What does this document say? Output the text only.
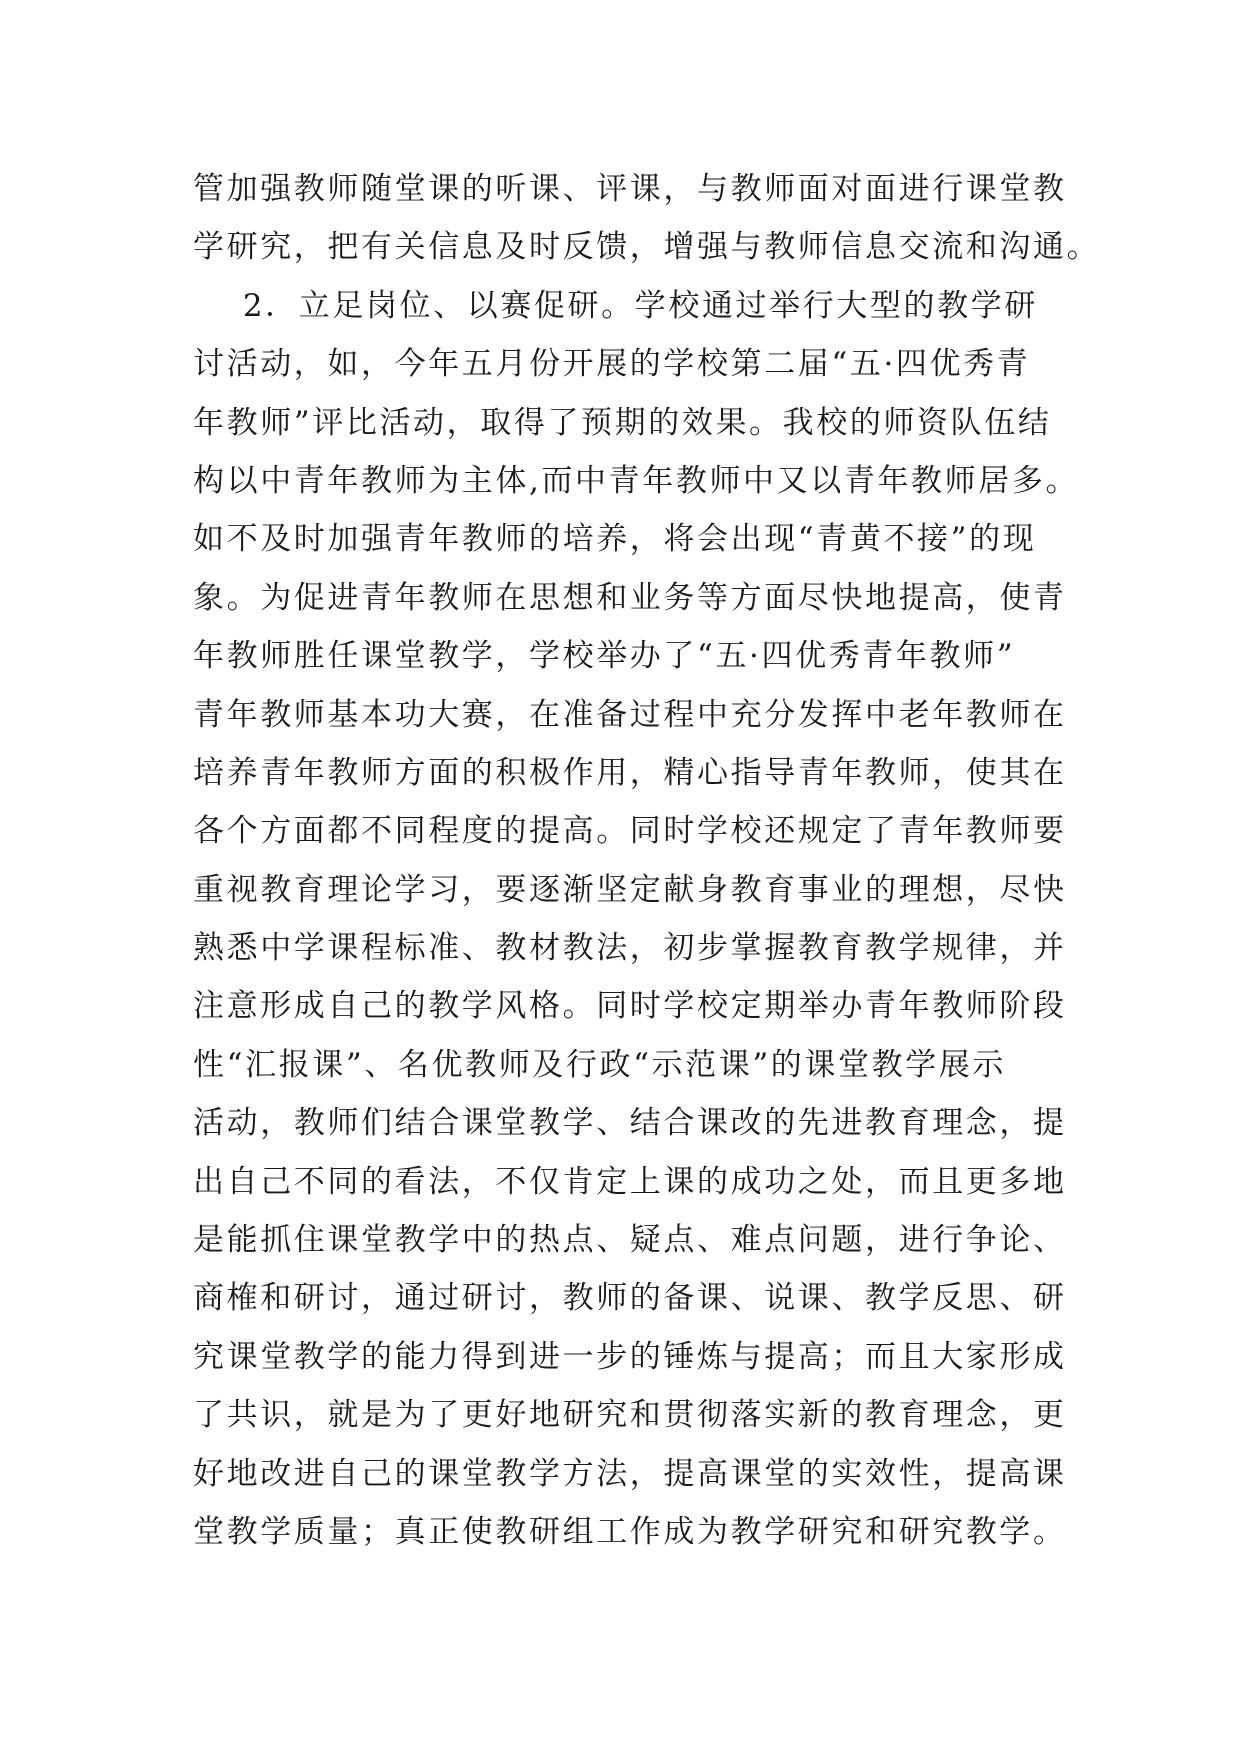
管加强教师随堂课的听课、评课，与教师面对面进行课堂教
学研究，把有关信息及时反馈，增强与教师信息交流和沟通。
2．立足岗位、以赛促研。学校通过举行大型的教学研
讨活动，如，今年五月份开展的学校第二届“五·四优秀青
年教师”评比活动，取得了预期的效果。我校的师资队伍结
构以中青年教师为主体,而中青年教师中又以青年教师居多。
如不及时加强青年教师的培养，将会出现“青黄不接”的现
象。为促进青年教师在思想和业务等方面尽快地提高，使青
年教师胜任课堂教学，学校举办了“五·四优秀青年教师”
青年教师基本功大赛，在准备过程中充分发挥中老年教师在
培养青年教师方面的积极作用，精心指导青年教师，使其在
各个方面都不同程度的提高。同时学校还规定了青年教师要
重视教育理论学习，要逐渐坚定献身教育事业的理想，尽快
熟悉中学课程标准、教材教法，初步掌握教育教学规律，并
注意形成自己的教学风格。同时学校定期举办青年教师阶段
性“汇报课”、名优教师及行政“示范课”的课堂教学展示
活动，教师们结合课堂教学、结合课改的先进教育理念，提
出自己不同的看法，不仅肯定上课的成功之处，而且更多地
是能抓住课堂教学中的热点、疑点、难点问题，进行争论、
商榷和研讨，通过研讨，教师的备课、说课、教学反思、研
究课堂教学的能力得到进一步的锤炼与提高；而且大家形成
了共识，就是为了更好地研究和贯彻落实新的教育理念，更
好地改进自己的课堂教学方法，提高课堂的实效性，提高课
堂教学质量；真正使教研组工作成为教学研究和研究教学。
